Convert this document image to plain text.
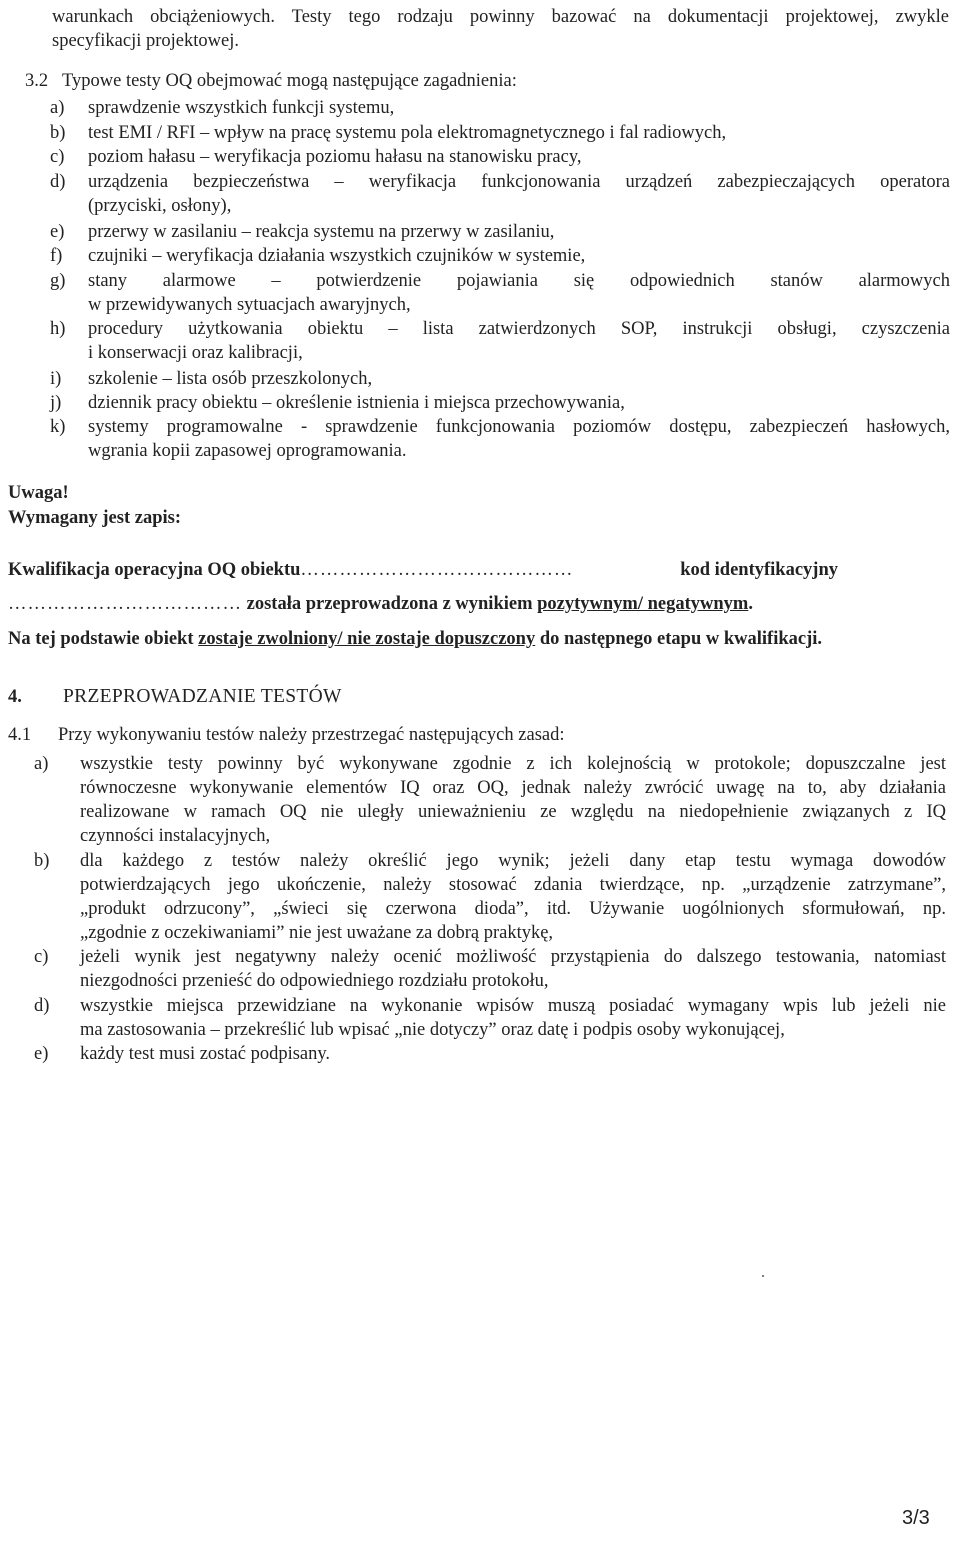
warunkach obciążeniowych. Testy tego rodzaju powinny bazować na dokumentacji projektowej, zwykle
specyfikacji projektowej.
3.2 Typowe testy OQ obejmować mogą następujące zagadnienia:
a) sprawdzenie wszystkich funkcji systemu,
b) test EMI / RFI – wpływ na pracę systemu pola elektromagnetycznego i fal radiowych,
c) poziom hałasu – weryfikacja poziomu hałasu na stanowisku pracy,
d) urządzenia bezpieczeństwa – weryfikacja funkcjonowania urządzeń zabezpieczających operatora
(przyciski, osłony),
e) przerwy w zasilaniu – reakcja systemu na przerwy w zasilaniu,
f) czujniki – weryfikacja działania wszystkich czujników w systemie,
g) stany alarmowe – potwierdzenie pojawiania się odpowiednich stanów alarmowych
w przewidywanych sytuacjach awaryjnych,
h) procedury użytkowania obiektu – lista zatwierdzonych SOP, instrukcji obsługi, czyszczenia
i konserwacji oraz kalibracji,
i) szkolenie – lista osób przeszkolonych,
j) dziennik pracy obiektu – określenie istnienia i miejsca przechowywania,
k) systemy programowalne - sprawdzenie funkcjonowania poziomów dostępu, zabezpieczeń hasłowych,
wgrania kopii zapasowej oprogramowania.
Uwaga!
Wymagany jest zapis:
Kwalifikacja operacyjna OQ obiektu……………………………………	kod identyfikacyjny
……………………………… została przeprowadzona z wynikiem pozytywnym/ negatywnym.
Na tej podstawie obiekt zostaje zwolniony/ nie zostaje dopuszczony do następnego etapu w kwalifikacji.
4. PRZEPROWADZANIE TESTÓW
4.1 Przy wykonywaniu testów należy przestrzegać następujących zasad:
a) wszystkie testy powinny być wykonywane zgodnie z ich kolejnością w protokole; dopuszczalne jest
równoczesne wykonywanie elementów IQ oraz OQ, jednak należy zwrócić uwagę na to, aby działania
realizowane w ramach OQ nie uległy unieważnieniu ze względu na niedopełnienie związanych z IQ
czynności instalacyjnych,
b) dla każdego z testów należy określić jego wynik; jeżeli dany etap testu wymaga dowodów
potwierdzających jego ukończenie, należy stosować zdania twierdzące, np. „urządzenie zatrzymane”,
„produkt odrzucony”, „świeci się czerwona dioda”, itd. Używanie uogólnionych sformułowań, np.
„zgodnie z oczekiwaniami” nie jest uważane za dobrą praktykę,
c) jeżeli wynik jest negatywny należy ocenić możliwość przystąpienia do dalszego testowania, natomiast
niezgodności przenieść do odpowiedniego rozdziału protokołu,
d) wszystkie miejsca przewidziane na wykonanie wpisów muszą posiadać wymagany wpis lub jeżeli nie
ma zastosowania – przekreślić lub wpisać „nie dotyczy” oraz datę i podpis osoby wykonującej,
e) każdy test musi zostać podpisany.
3/3
